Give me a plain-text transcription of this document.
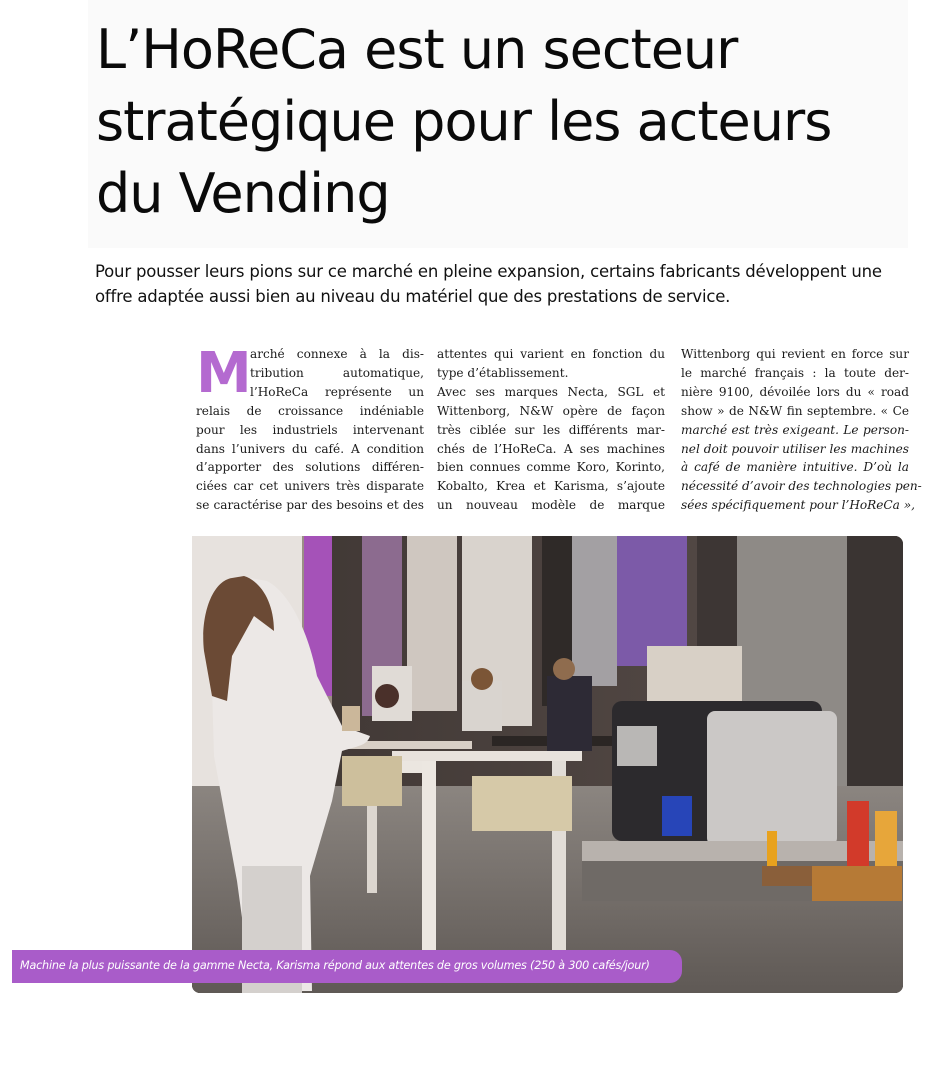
L’HoReCa est un secteur
stratégique pour les acteurs
du Vending

Pour pousser leurs pions sur ce marché en pleine expansion, certains fabricants développent une
offre adaptée aussi bien au niveau du matériel que des prestations de service.

M
arché connexe à la dis-
tribution automatique,
l’HoReCa représente un
relais de croissance indéniable
pour les industriels intervenant
dans l’univers du café. A condition
d’apporter des solutions différen-
ciées car cet univers très disparate
se caractérise par des besoins et des
attentes qui varient en fonction du
type d’établissement.
Avec ses marques Necta, SGL et
Wittenborg, N&W opère de façon
très ciblée sur les différents mar-
chés de l’HoReCa. A ses machines
bien connues comme Koro, Korinto,
Kobalto, Krea et Karisma, s’ajoute
un nouveau modèle de marque
Wittenborg qui revient en force sur
le marché français : la toute der-
nière 9100, dévoilée lors du « road
show » de N&W fin septembre. « Ce
marché est très exigeant. Le person-
nel doit pouvoir utiliser les machines
à café de manière intuitive. D’où la
nécessité d’avoir des technologies pen-
sées spécifiquement pour l’HoReCa »,
Machine la plus puissante de la gamme Necta, Karisma répond aux attentes de gros volumes (250 à 300 cafés/jour)
